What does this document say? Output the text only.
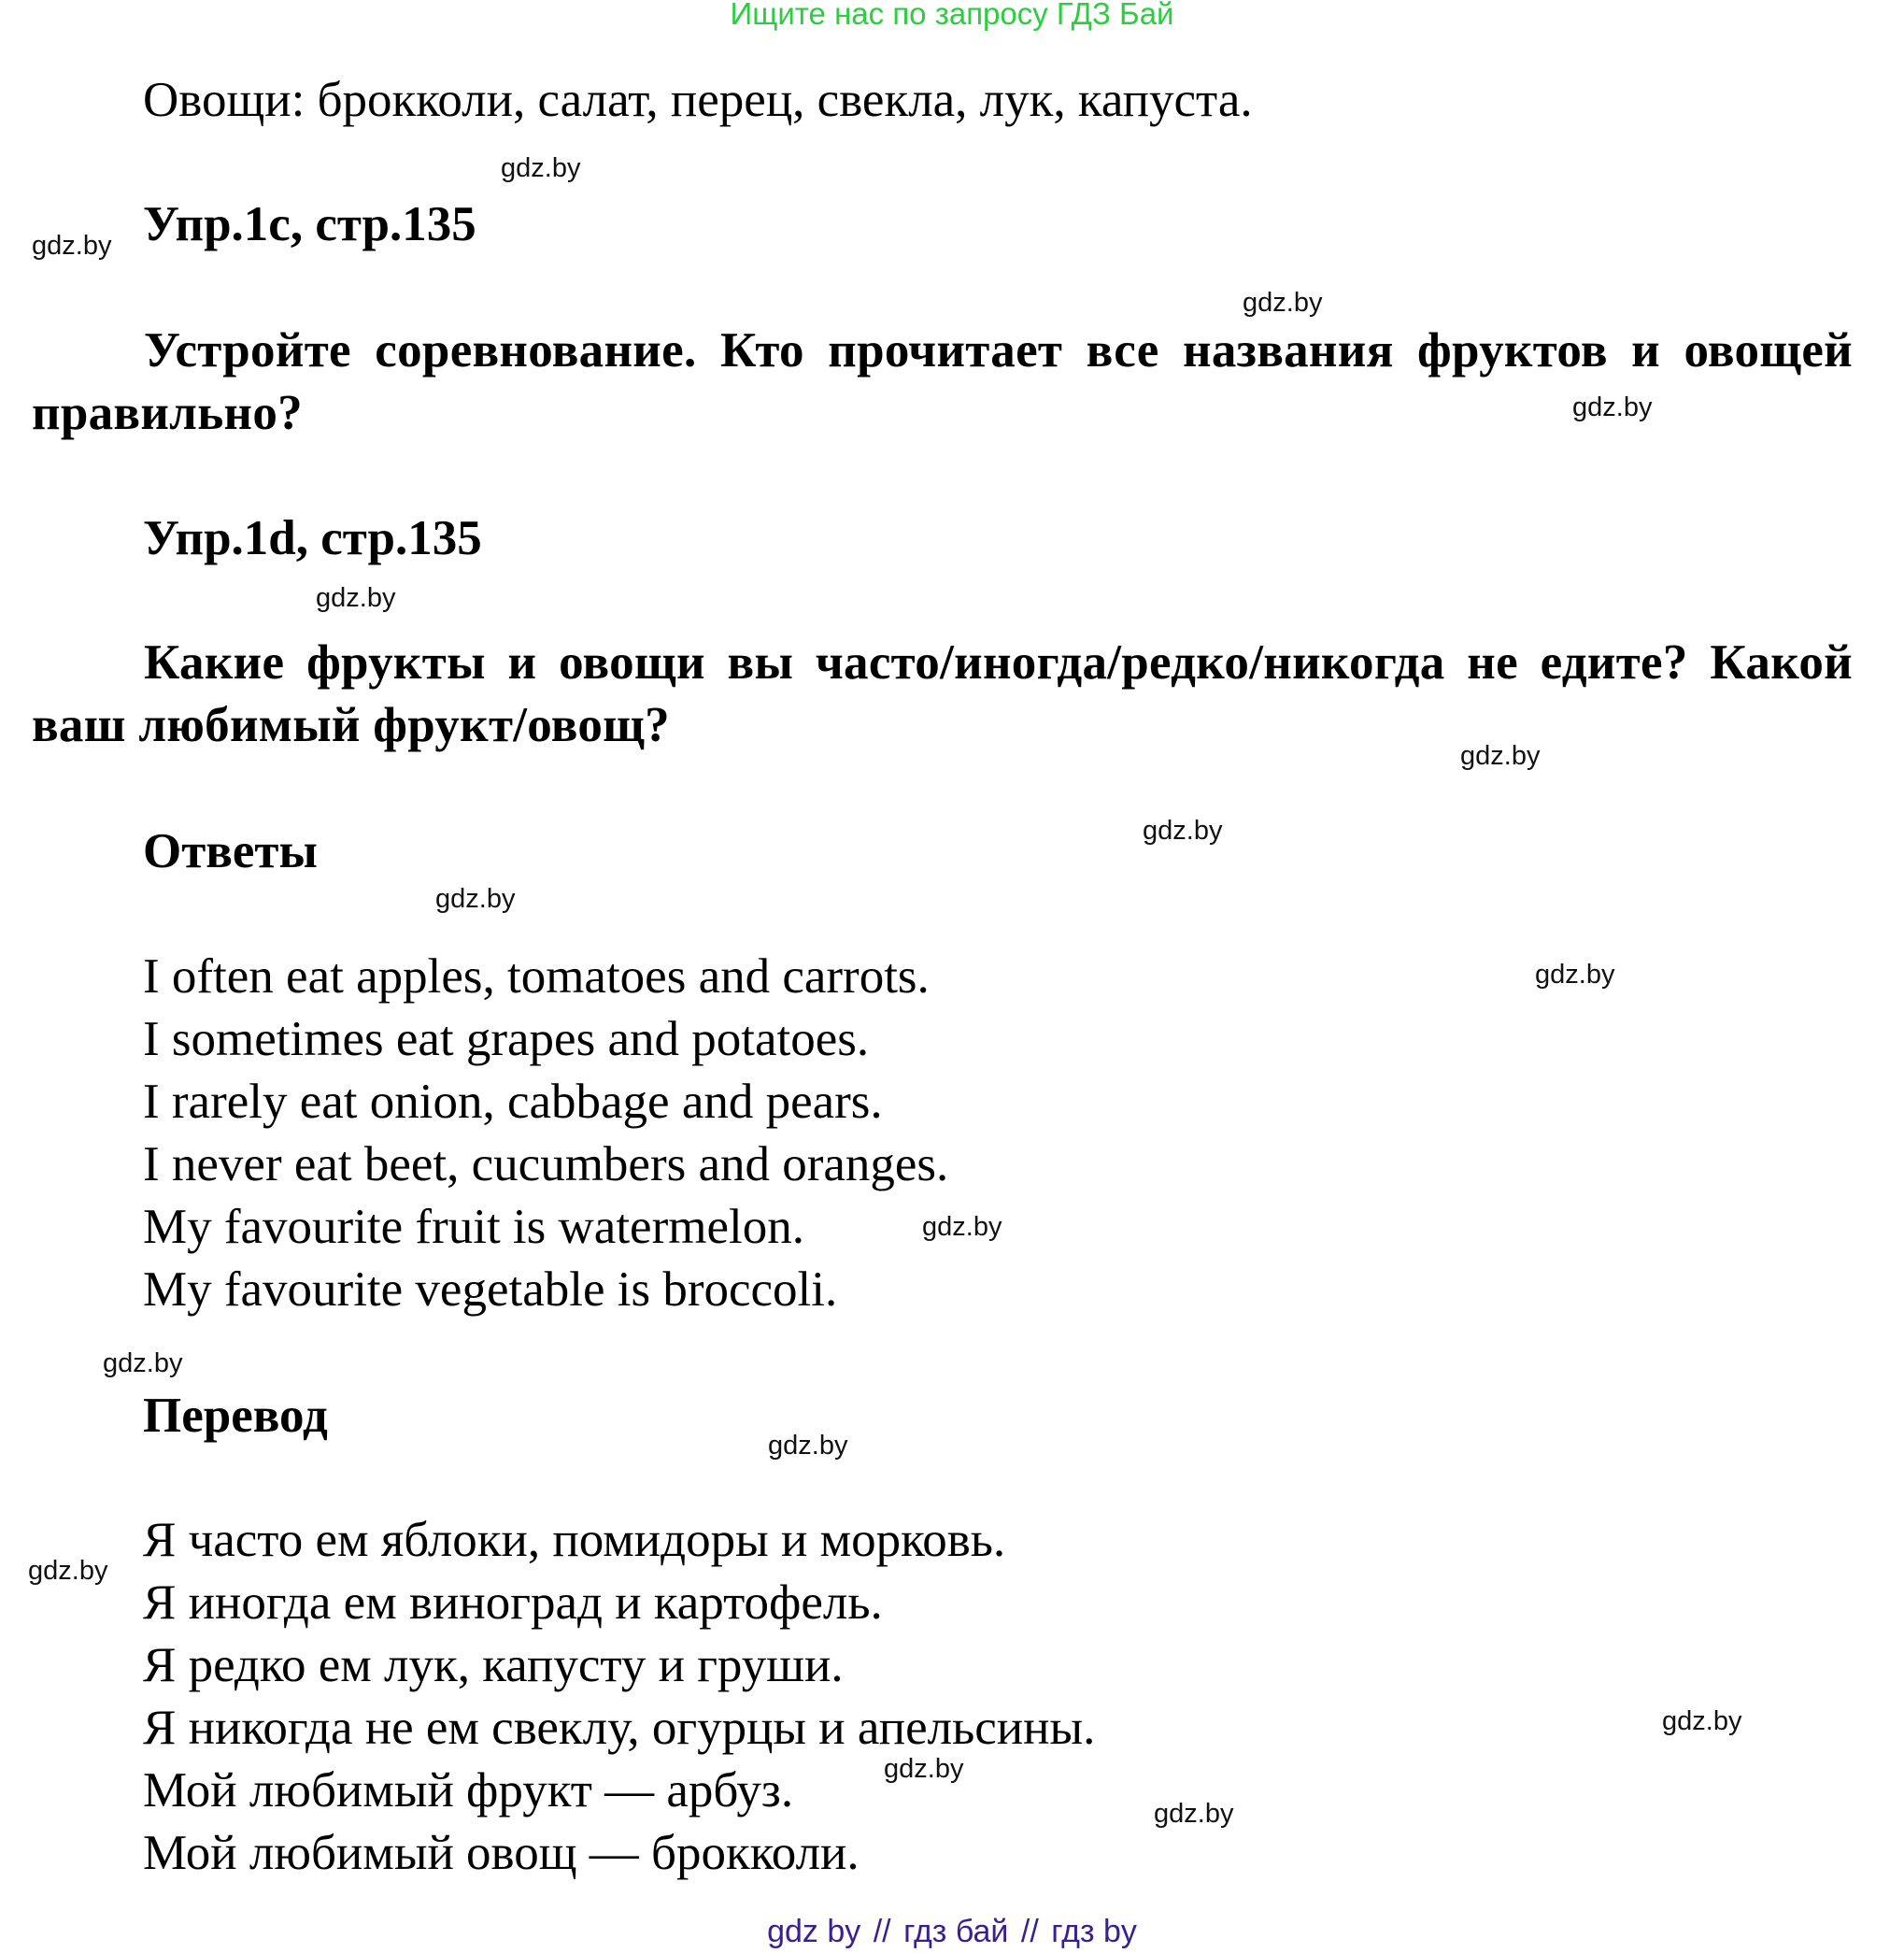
Ищите нас по запросу ГДЗ Бай
Овощи: брокколи, салат, перец, свекла, лук, капуста.
Упр.1c, стр.135
Устройте соревнование. Кто прочитает все названия фруктов и овощей правильно?
Упр.1d, стр.135
Какие фрукты и овощи вы часто/иногда/редко/никогда не едите? Какой ваш любимый фрукт/овощ?
Ответы
I often eat apples, tomatoes and carrots.
I sometimes eat grapes and potatoes.
I rarely eat onion, cabbage and pears.
I never eat beet, cucumbers and oranges.
My favourite fruit is watermelon.
My favourite vegetable is broccoli.
Перевод
Я часто ем яблоки, помидоры и морковь.
Я иногда ем виноград и картофель.
Я редко ем лук, капусту и груши.
Я никогда не ем свеклу, огурцы и апельсины.
Мой любимый фрукт — арбуз.
Мой любимый овощ — брокколи.
gdz.by
gdz.by
gdz.by
gdz.by
gdz.by
gdz.by
gdz.by
gdz.by
gdz.by
gdz.by
gdz.by
gdz.by
gdz.by
gdz.by
gdz.by
gdz.by
gdz by // гдз бай // гдз by
